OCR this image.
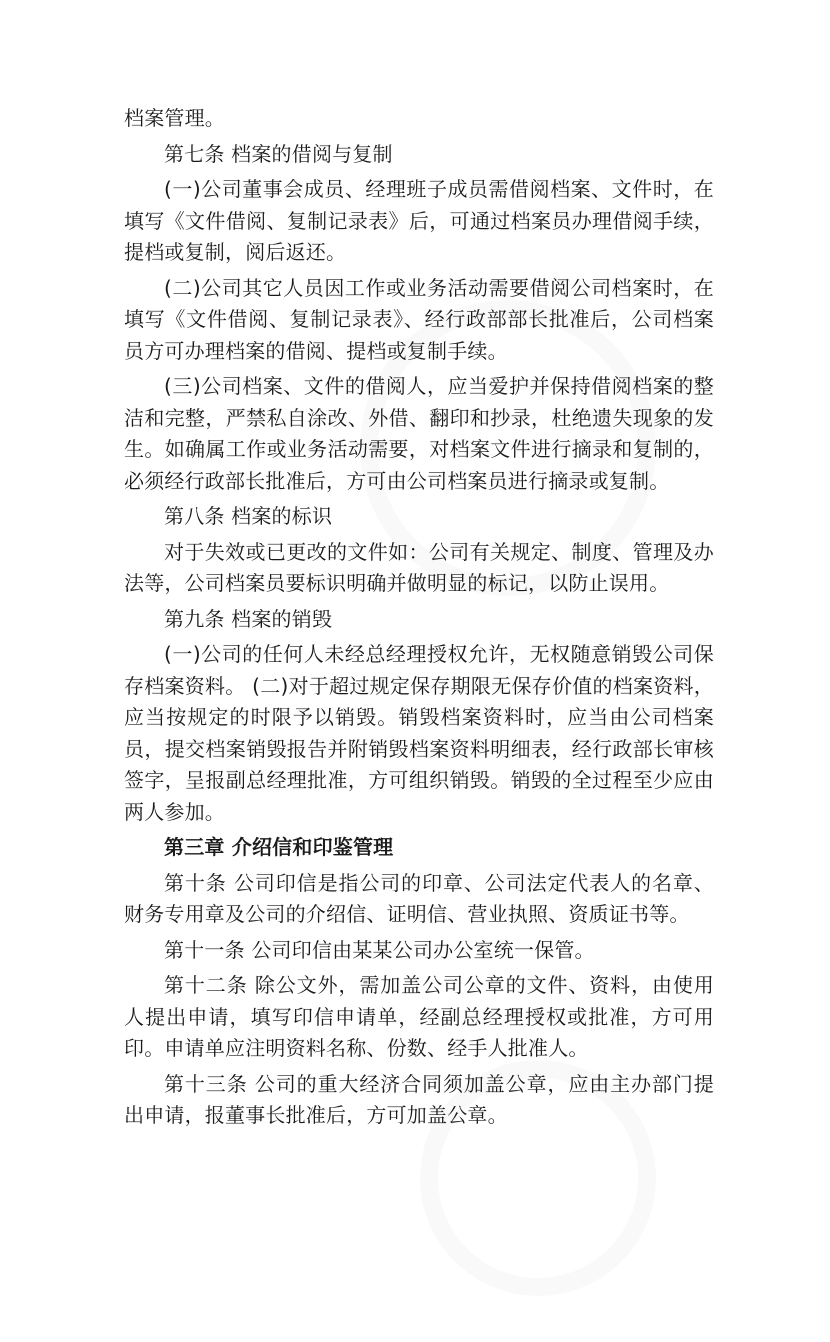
档案管理。

第七条 档案的借阅与复制

(一)公司董事会成员、经理班子成员需借阅档案、文件时，在填写《文件借阅、复制记录表》后，可通过档案员办理借阅手续，提档或复制，阅后返还。

(二)公司其它人员因工作或业务活动需要借阅公司档案时，在填写《文件借阅、复制记录表》、经行政部部长批准后，公司档案员方可办理档案的借阅、提档或复制手续。

(三)公司档案、文件的借阅人，应当爱护并保持借阅档案的整洁和完整，严禁私自涂改、外借、翻印和抄录，杜绝遗失现象的发生。如确属工作或业务活动需要，对档案文件进行摘录和复制的，必须经行政部长批准后，方可由公司档案员进行摘录或复制。

第八条 档案的标识

对于失效或已更改的文件如：公司有关规定、制度、管理及办法等，公司档案员要标识明确并做明显的标记，以防止误用。

第九条 档案的销毁

(一)公司的任何人未经总经理授权允许，无权随意销毁公司保存档案资料。 (二)对于超过规定保存期限无保存价值的档案资料，应当按规定的时限予以销毁。销毁档案资料时，应当由公司档案员，提交档案销毁报告并附销毁档案资料明细表，经行政部长审核签字，呈报副总经理批准，方可组织销毁。销毁的全过程至少应由两人参加。

第三章 介绍信和印鉴管理

第十条 公司印信是指公司的印章、公司法定代表人的名章、财务专用章及公司的介绍信、证明信、营业执照、资质证书等。

第十一条 公司印信由某某公司办公室统一保管。

第十二条 除公文外，需加盖公司公章的文件、资料，由使用人提出申请，填写印信申请单，经副总经理授权或批准，方可用印。申请单应注明资料名称、份数、经手人批准人。

第十三条 公司的重大经济合同须加盖公章，应由主办部门提出申请，报董事长批准后，方可加盖公章。
